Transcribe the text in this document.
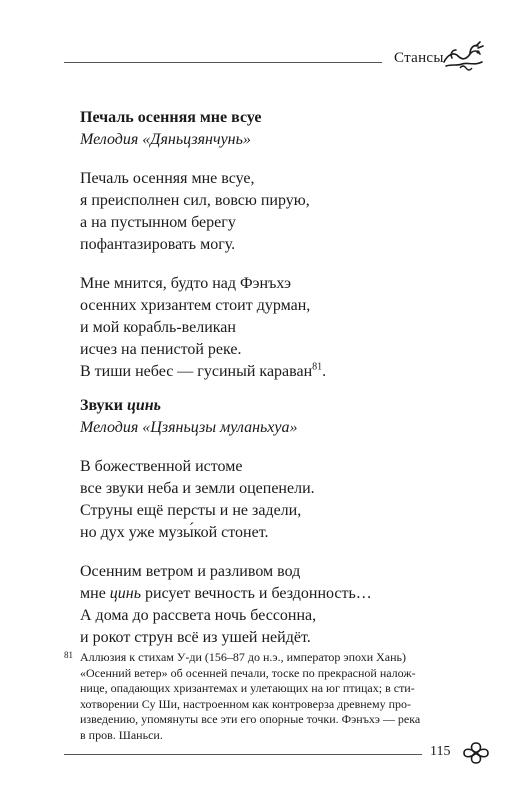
Стансы
Печаль осенняя мне всуе
Мелодия «Дяньцзянчунь»
Печаль осенняя мне всуе,
я преисполнен сил, вовсю пирую,
а на пустынном берегу
пофантазировать могу.
Мне мнится, будто над Фэнъхэ
осенних хризантем стоит дурман,
и мой корабль-великан
исчез на пенистой реке.
В тиши небес — гусиный караван$^{81}$.
Звуки цинь
Мелодия «Цзяньцзы муланьхуа»
В божественной истоме
все звуки неба и земли оцепенели.
Струны ещё персты и не задели,
но дух уже музы́кой стонет.
Осенним ветром и разливом вод
мне цинь рисует вечность и бездонность…
А дома до рассвета ночь бессонна,
и рокот струн всё из ушей нейдёт.
81 Аллюзия к стихам У-ди (156–87 до н.э., император эпохи Хань)
«Осенний ветер» об осенней печали, тоске по прекрасной налож-
нице, опадающих хризантемах и улетающих на юг птицах; в сти-
хотворении Су Ши, настроенном как контроверза древнему про-
изведению, упомянуты все эти его опорные точки. Фэнъхэ — река
в пров. Шаньси.
115
